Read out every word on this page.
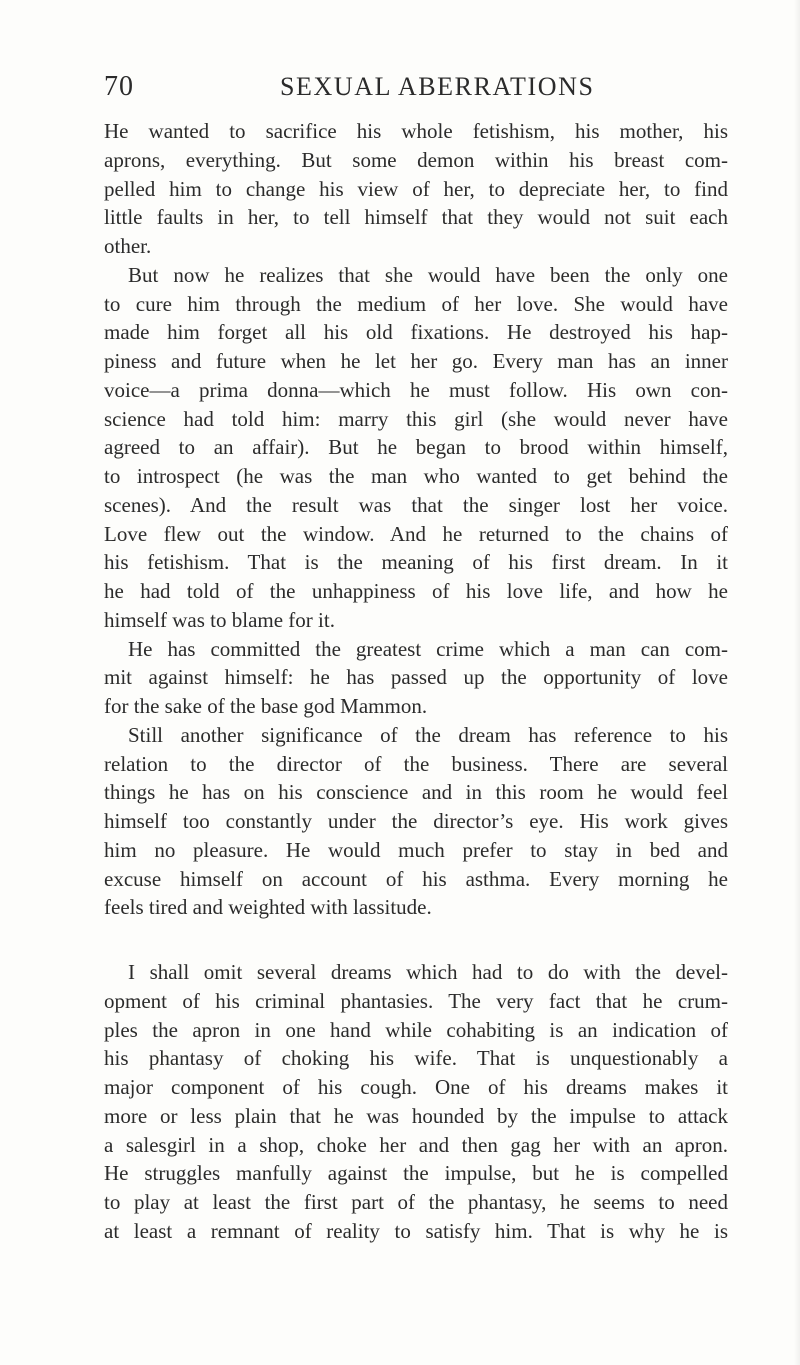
70	SEXUAL ABERRATIONS
He wanted to sacrifice his whole fetishism, his mother, his
aprons, everything. But some demon within his breast com-
pelled him to change his view of her, to depreciate her, to find
little faults in her, to tell himself that they would not suit each
other.
But now he realizes that she would have been the only one
to cure him through the medium of her love. She would have
made him forget all his old fixations. He destroyed his hap-
piness and future when he let her go. Every man has an inner
voice—a prima donna—which he must follow. His own con-
science had told him: marry this girl (she would never have
agreed to an affair). But he began to brood within himself,
to introspect (he was the man who wanted to get behind the
scenes). And the result was that the singer lost her voice.
Love flew out the window. And he returned to the chains of
his fetishism. That is the meaning of his first dream. In it
he had told of the unhappiness of his love life, and how he
himself was to blame for it.
He has committed the greatest crime which a man can com-
mit against himself: he has passed up the opportunity of love
for the sake of the base god Mammon.
Still another significance of the dream has reference to his
relation to the director of the business. There are several
things he has on his conscience and in this room he would feel
himself too constantly under the director’s eye. His work gives
him no pleasure. He would much prefer to stay in bed and
excuse himself on account of his asthma. Every morning he
feels tired and weighted with lassitude.
I shall omit several dreams which had to do with the devel-
opment of his criminal phantasies. The very fact that he crum-
ples the apron in one hand while cohabiting is an indication of
his phantasy of choking his wife. That is unquestionably a
major component of his cough. One of his dreams makes it
more or less plain that he was hounded by the impulse to attack
a salesgirl in a shop, choke her and then gag her with an apron.
He struggles manfully against the impulse, but he is compelled
to play at least the first part of the phantasy, he seems to need
at least a remnant of reality to satisfy him. That is why he is
